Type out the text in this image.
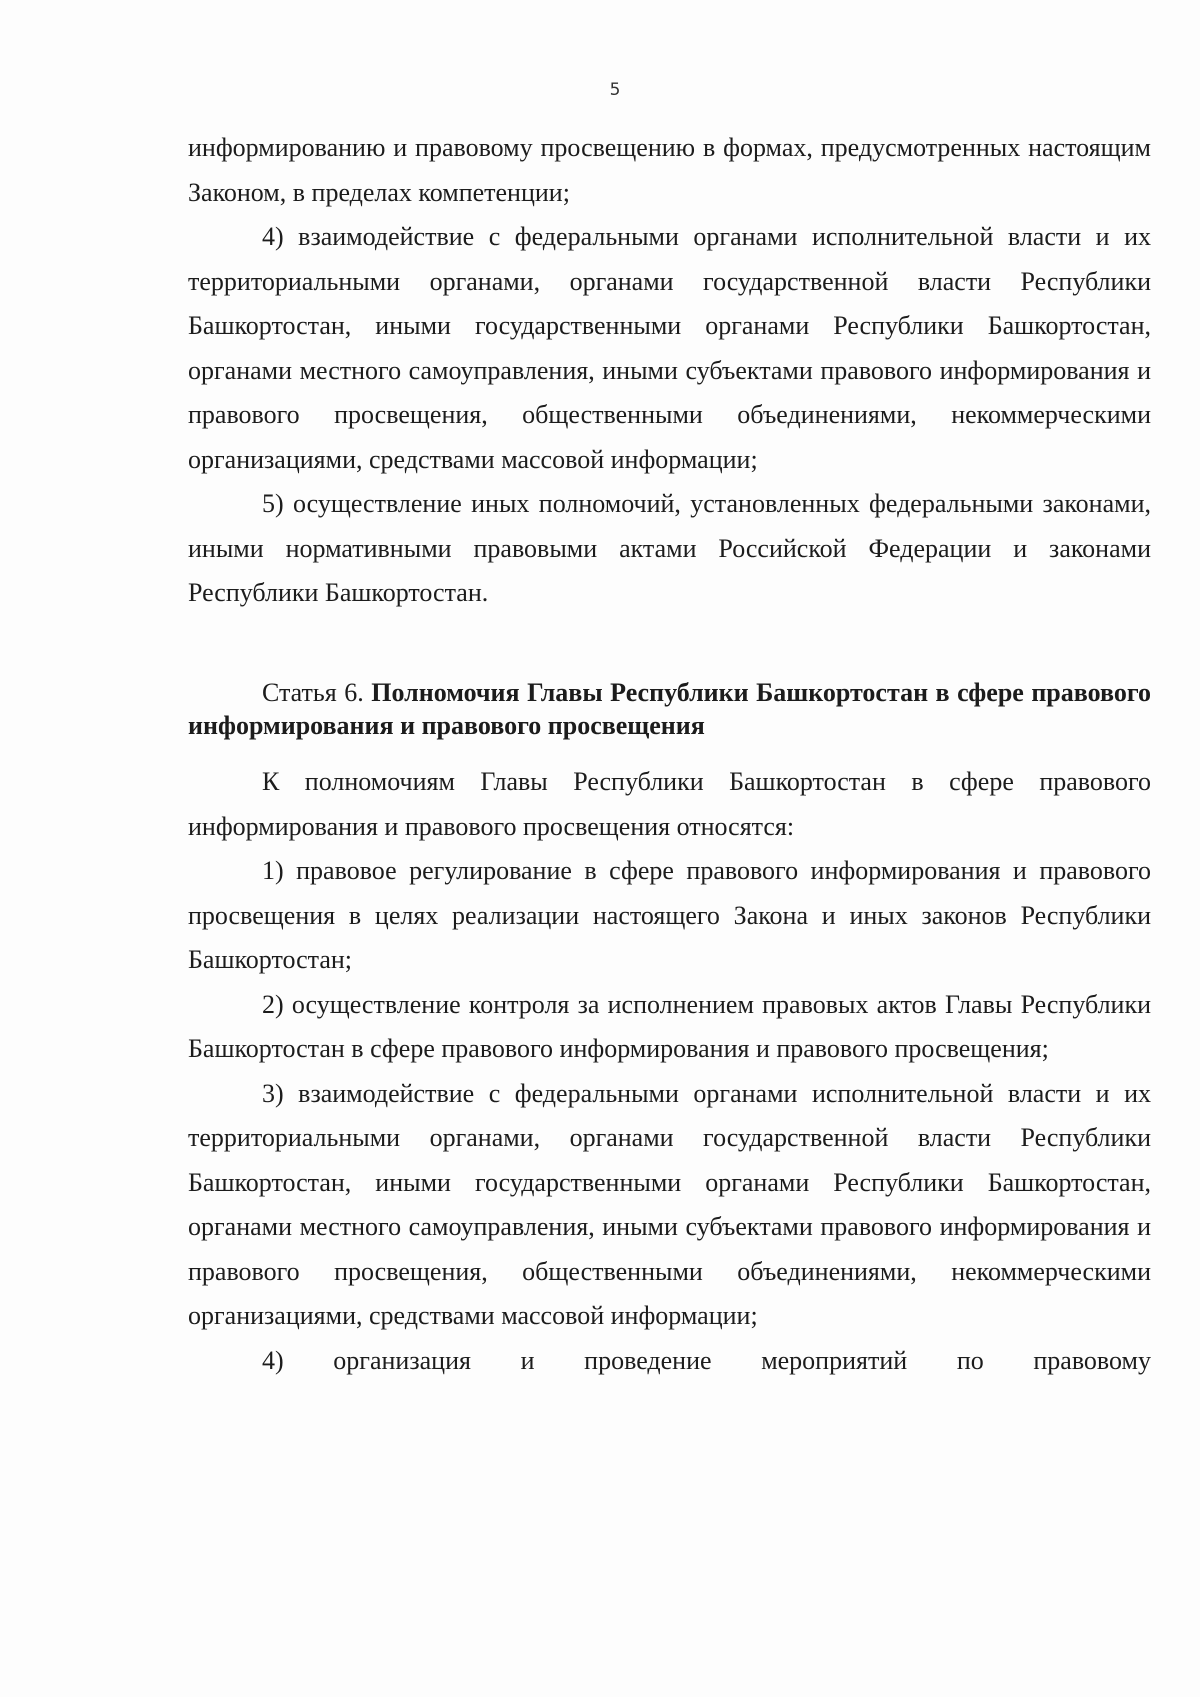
5

информированию и правовому просвещению в формах, предусмотренных настоящим Законом, в пределах компетенции;

4) взаимодействие с федеральными органами исполнительной власти и их территориальными органами, органами государственной власти Республики Башкортостан, иными государственными органами Республики Башкортостан, органами местного самоуправления, иными субъектами правового информирования и правового просвещения, общественными объединениями, некоммерческими организациями, средствами массовой информации;

5) осуществление иных полномочий, установленных федеральными законами, иными нормативными правовыми актами Российской Федерации и законами Республики Башкортостан.

Статья 6. Полномочия Главы Республики Башкортостан в сфере правового информирования и правового просвещения

К полномочиям Главы Республики Башкортостан в сфере правового информирования и правового просвещения относятся:

1) правовое регулирование в сфере правового информирования и правового просвещения в целях реализации настоящего Закона и иных законов Республики Башкортостан;

2) осуществление контроля за исполнением правовых актов Главы Республики Башкортостан в сфере правового информирования и правового просвещения;

3) взаимодействие с федеральными органами исполнительной власти и их территориальными органами, органами государственной власти Республики Башкортостан, иными государственными органами Республики Башкортостан, органами местного самоуправления, иными субъектами правового информирования и правового просвещения, общественными объединениями, некоммерческими организациями, средствами массовой информации;

4) организация и проведение мероприятий по правовому
